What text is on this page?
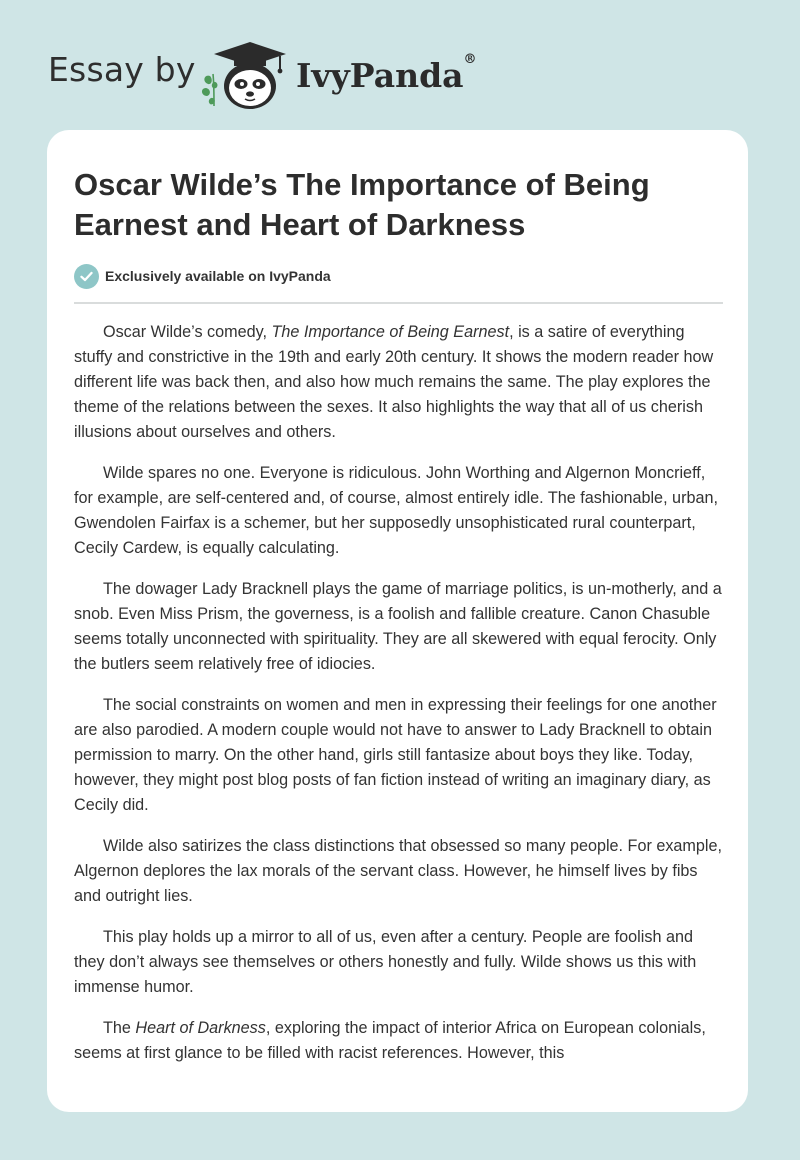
Essay by	IvyPanda®
Oscar Wilde’s The Importance of Being Earnest and Heart of Darkness
Exclusively available on IvyPanda

Oscar Wilde’s comedy, The Importance of Being Earnest, is a satire of everything stuffy and constrictive in the 19th and early 20th century. It shows the modern reader how different life was back then, and also how much remains the same. The play explores the theme of the relations between the sexes. It also highlights the way that all of us cherish illusions about ourselves and others.

Wilde spares no one. Everyone is ridiculous. John Worthing and Algernon Moncrieff, for example, are self-centered and, of course, almost entirely idle. The fashionable, urban, Gwendolen Fairfax is a schemer, but her supposedly unsophisticated rural counterpart, Cecily Cardew, is equally calculating.

The dowager Lady Bracknell plays the game of marriage politics, is un-motherly, and a snob. Even Miss Prism, the governess, is a foolish and fallible creature. Canon Chasuble seems totally unconnected with spirituality. They are all skewered with equal ferocity. Only the butlers seem relatively free of idiocies.

The social constraints on women and men in expressing their feelings for one another are also parodied. A modern couple would not have to answer to Lady Bracknell to obtain permission to marry. On the other hand, girls still fantasize about boys they like. Today, however, they might post blog posts of fan fiction instead of writing an imaginary diary, as Cecily did.

Wilde also satirizes the class distinctions that obsessed so many people. For example, Algernon deplores the lax morals of the servant class. However, he himself lives by fibs and outright lies.

This play holds up a mirror to all of us, even after a century. People are foolish and they don’t always see themselves or others honestly and fully. Wilde shows us this with immense humor.

The Heart of Darkness, exploring the impact of interior Africa on European colonials, seems at first glance to be filled with racist references. However, this
